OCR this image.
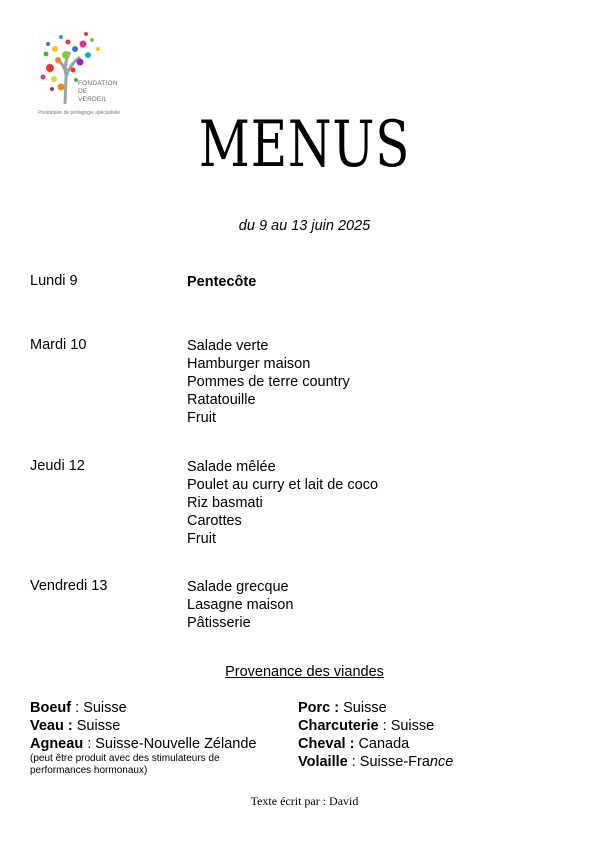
FONDATION
DE
VERDEIL
Prestataire de pédagogie spécialisée	MENUS
du 9 au 13 juin 2025
Lundi 9	Pentecôte
Mardi 10	Salade verte
Hamburger maison
Pommes de terre country
Ratatouille
Fruit
Jeudi 12	Salade mêlée
Poulet au curry et lait de coco
Riz basmati
Carottes
Fruit
Vendredi 13	Salade grecque
Lasagne maison
Pâtisserie
Provenance des viandes
Boeuf : Suisse
Veau : Suisse
Agneau : Suisse-Nouvelle Zélande
(peut être produit avec des stimulateurs de performances hormonaux)
Porc : Suisse
Charcuterie : Suisse
Cheval : Canada
Volaille : Suisse-France
Texte écrit par : David
